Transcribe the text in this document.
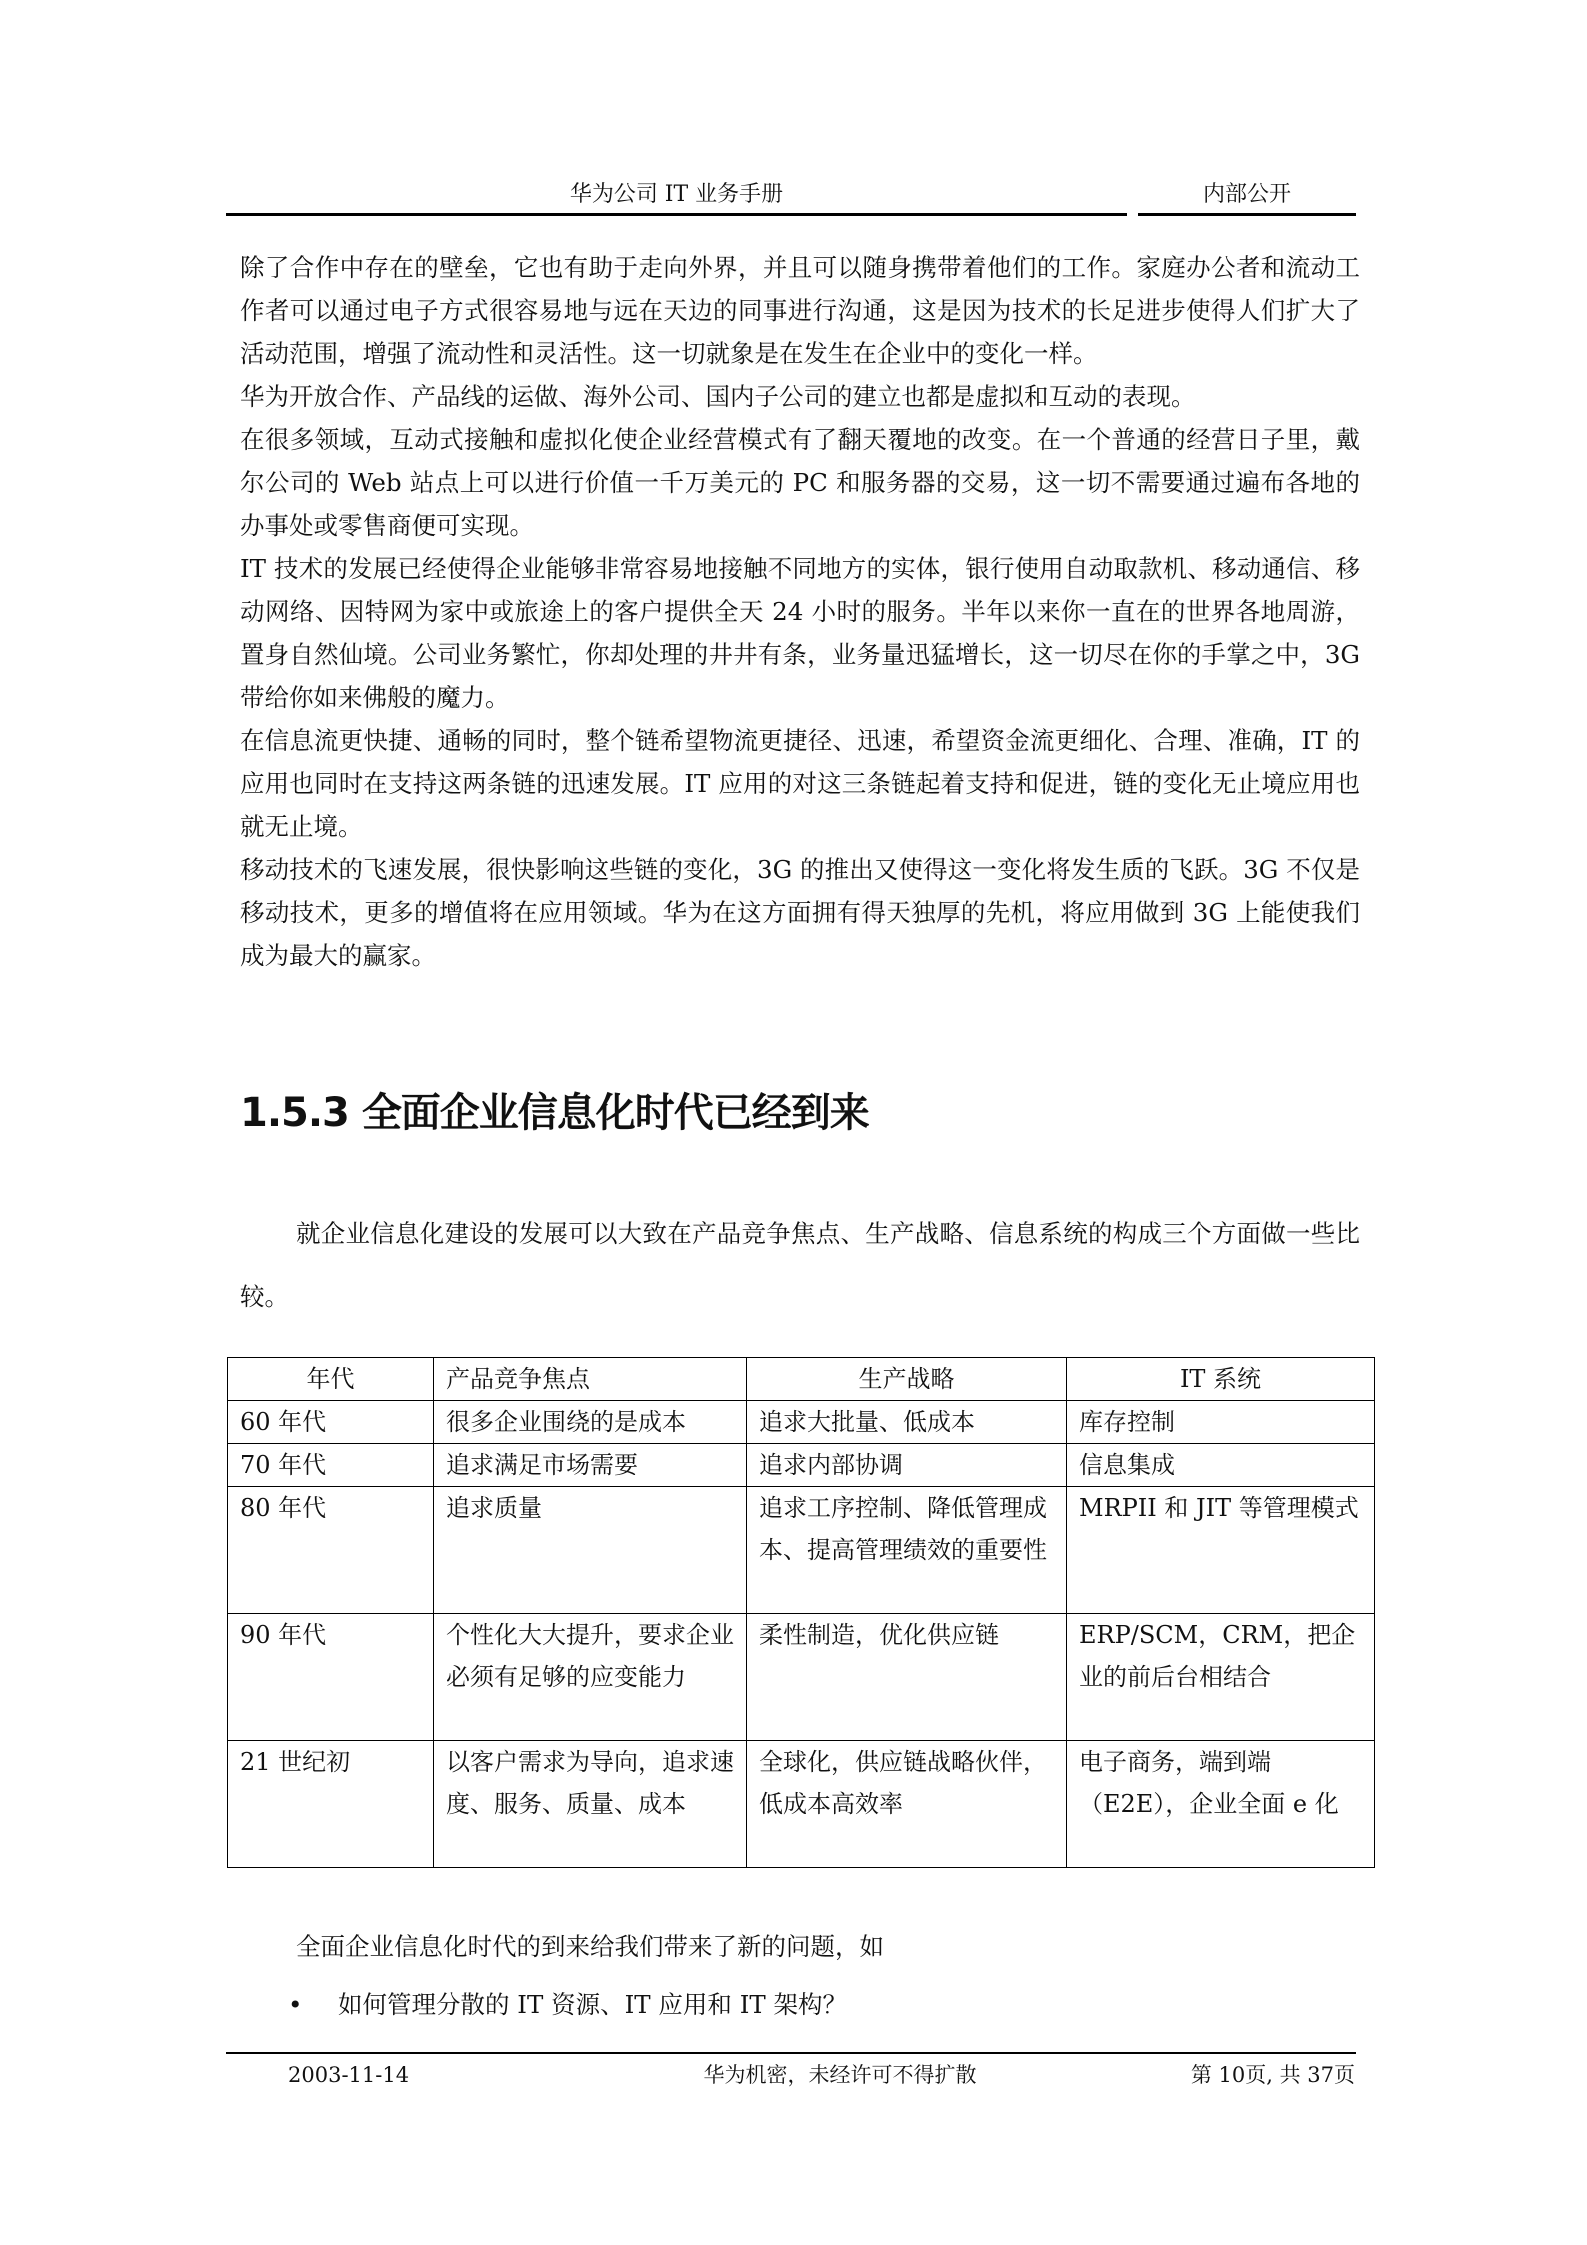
华为公司 IT 业务手册	内部公开

除了合作中存在的壁垒，它也有助于走向外界，并且可以随身携带着他们的工作。家庭办公者和流动工作者可以通过电子方式很容易地与远在天边的同事进行沟通，这是因为技术的长足进步使得人们扩大了活动范围，增强了流动性和灵活性。这一切就象是在发生在企业中的变化一样。

华为开放合作、产品线的运做、海外公司、国内子公司的建立也都是虚拟和互动的表现。

在很多领域，互动式接触和虚拟化使企业经营模式有了翻天覆地的改变。在一个普通的经营日子里，戴尔公司的 Web 站点上可以进行价值一千万美元的 PC 和服务器的交易，这一切不需要通过遍布各地的办事处或零售商便可实现。

IT 技术的发展已经使得企业能够非常容易地接触不同地方的实体，银行使用自动取款机、移动通信、移动网络、因特网为家中或旅途上的客户提供全天 24 小时的服务。半年以来你一直在的世界各地周游，置身自然仙境。公司业务繁忙，你却处理的井井有条，业务量迅猛增长，这一切尽在你的手掌之中，3G 带给你如来佛般的魔力。

在信息流更快捷、通畅的同时，整个链希望物流更捷径、迅速，希望资金流更细化、合理、准确，IT 的应用也同时在支持这两条链的迅速发展。IT 应用的对这三条链起着支持和促进，链的变化无止境应用也就无止境。

移动技术的飞速发展，很快影响这些链的变化，3G 的推出又使得这一变化将发生质的飞跃。3G 不仅是移动技术，更多的增值将在应用领域。华为在这方面拥有得天独厚的先机，将应用做到 3G 上能使我们成为最大的赢家。

1.5.3 全面企业信息化时代已经到来

就企业信息化建设的发展可以大致在产品竞争焦点、生产战略、信息系统的构成三个方面做一些比较。

年代	产品竞争焦点	生产战略	IT 系统
60 年代	很多企业围绕的是成本	追求大批量、低成本	库存控制
70 年代	追求满足市场需要	追求内部协调	信息集成
80 年代	追求质量	追求工序控制、降低管理成本、提高管理绩效的重要性	MRPII 和 JIT 等管理模式
90 年代	个性化大大提升，要求企业必须有足够的应变能力	柔性制造，优化供应链	ERP/SCM，CRM，把企业的前后台相结合
21 世纪初	以客户需求为导向，追求速度、服务、质量、成本	全球化，供应链战略伙伴，低成本高效率	电子商务，端到端（E2E），企业全面 e 化
全面企业信息化时代的到来给我们带来了新的问题，如
• 如何管理分散的 IT 资源、IT 应用和 IT 架构？
2003-11-14	华为机密，未经许可不得扩散	第 10页, 共 37页
